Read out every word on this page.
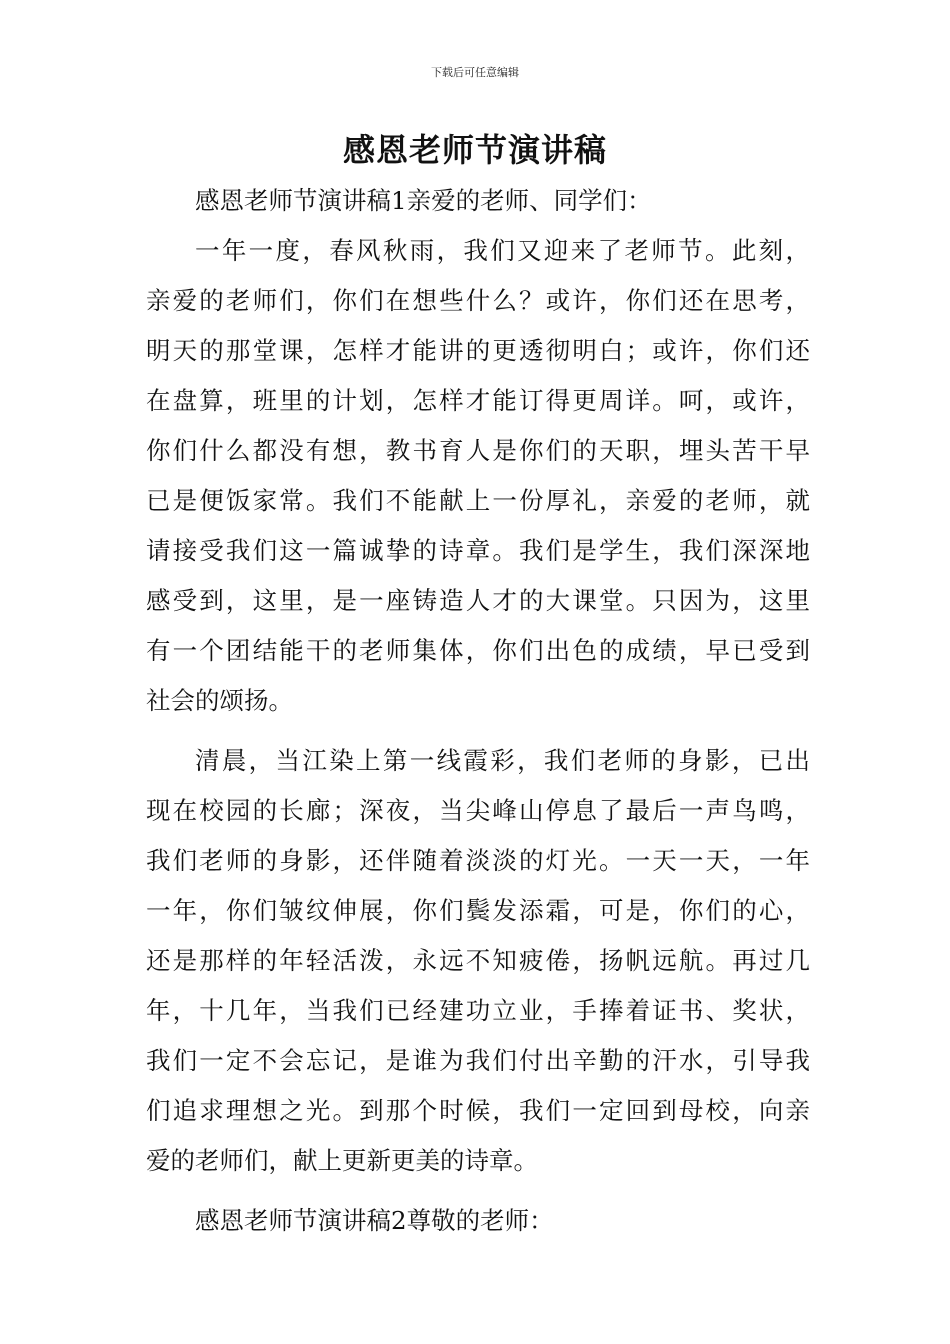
下载后可任意编辑
感恩老师节演讲稿

感恩老师节演讲稿1亲爱的老师、同学们：

一年一度，春风秋雨，我们又迎来了老师节。此刻，
亲爱的老师们，你们在想些什么？或许，你们还在思考，
明天的那堂课，怎样才能讲的更透彻明白；或许，你们还
在盘算，班里的计划，怎样才能订得更周详。呵，或许，
你们什么都没有想，教书育人是你们的天职，埋头苦干早
已是便饭家常。我们不能献上一份厚礼，亲爱的老师，就
请接受我们这一篇诚挚的诗章。我们是学生，我们深深地
感受到，这里，是一座铸造人才的大课堂。只因为，这里
有一个团结能干的老师集体，你们出色的成绩，早已受到
社会的颂扬。

清晨，当江染上第一线霞彩，我们老师的身影，已出
现在校园的长廊；深夜，当尖峰山停息了最后一声鸟鸣，
我们老师的身影，还伴随着淡淡的灯光。一天一天，一年
一年，你们皱纹伸展，你们鬓发添霜，可是，你们的心，
还是那样的年轻活泼，永远不知疲倦，扬帆远航。再过几
年，十几年，当我们已经建功立业，手捧着证书、奖状，
我们一定不会忘记，是谁为我们付出辛勤的汗水，引导我
们追求理想之光。到那个时候，我们一定回到母校，向亲
爱的老师们，献上更新更美的诗章。

感恩老师节演讲稿2尊敬的老师：
